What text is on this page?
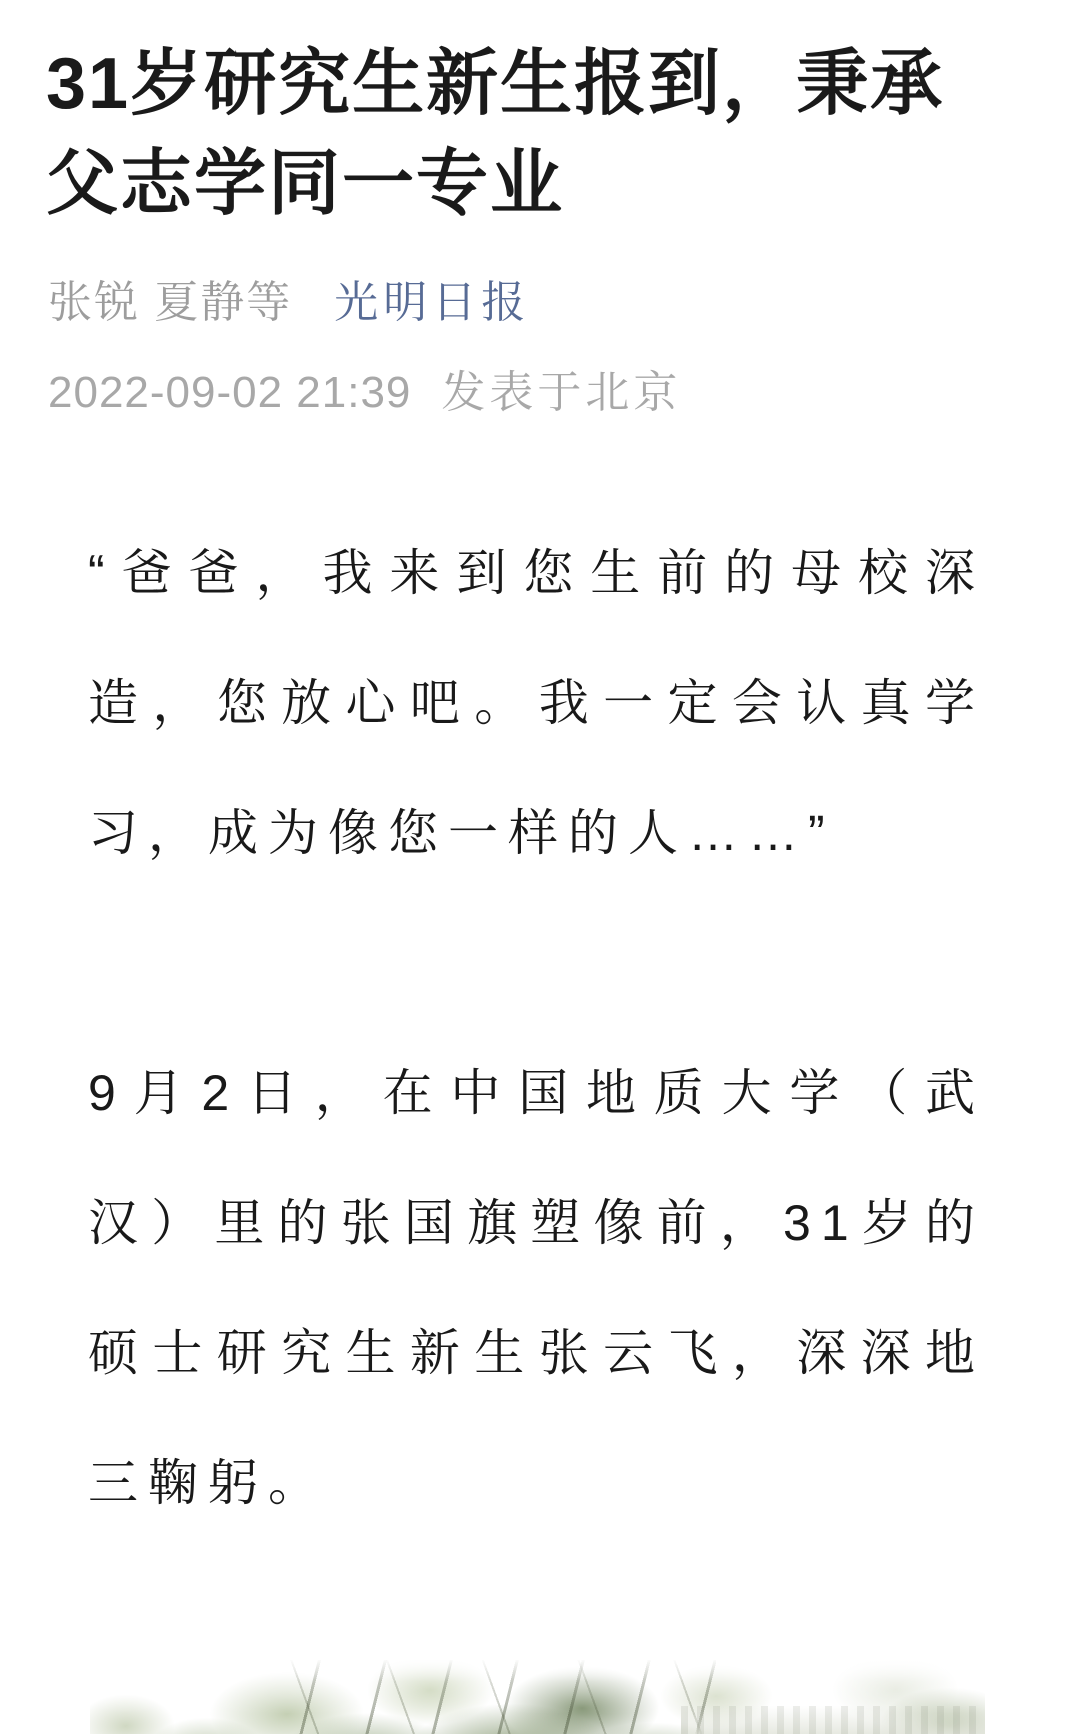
31岁研究生新生报到，秉承
父志学同一专业
张锐 夏静等 光明日报
2022-09-02 21:39 发表于北京
“爸爸，我来到您生前的母校深
造，您放心吧。我一定会认真学
习，成为像您一样的人……”
9月2日，在中国地质大学（武
汉）里的张国旗塑像前，31岁的
硕士研究生新生张云飞，深深地
三鞠躬。
